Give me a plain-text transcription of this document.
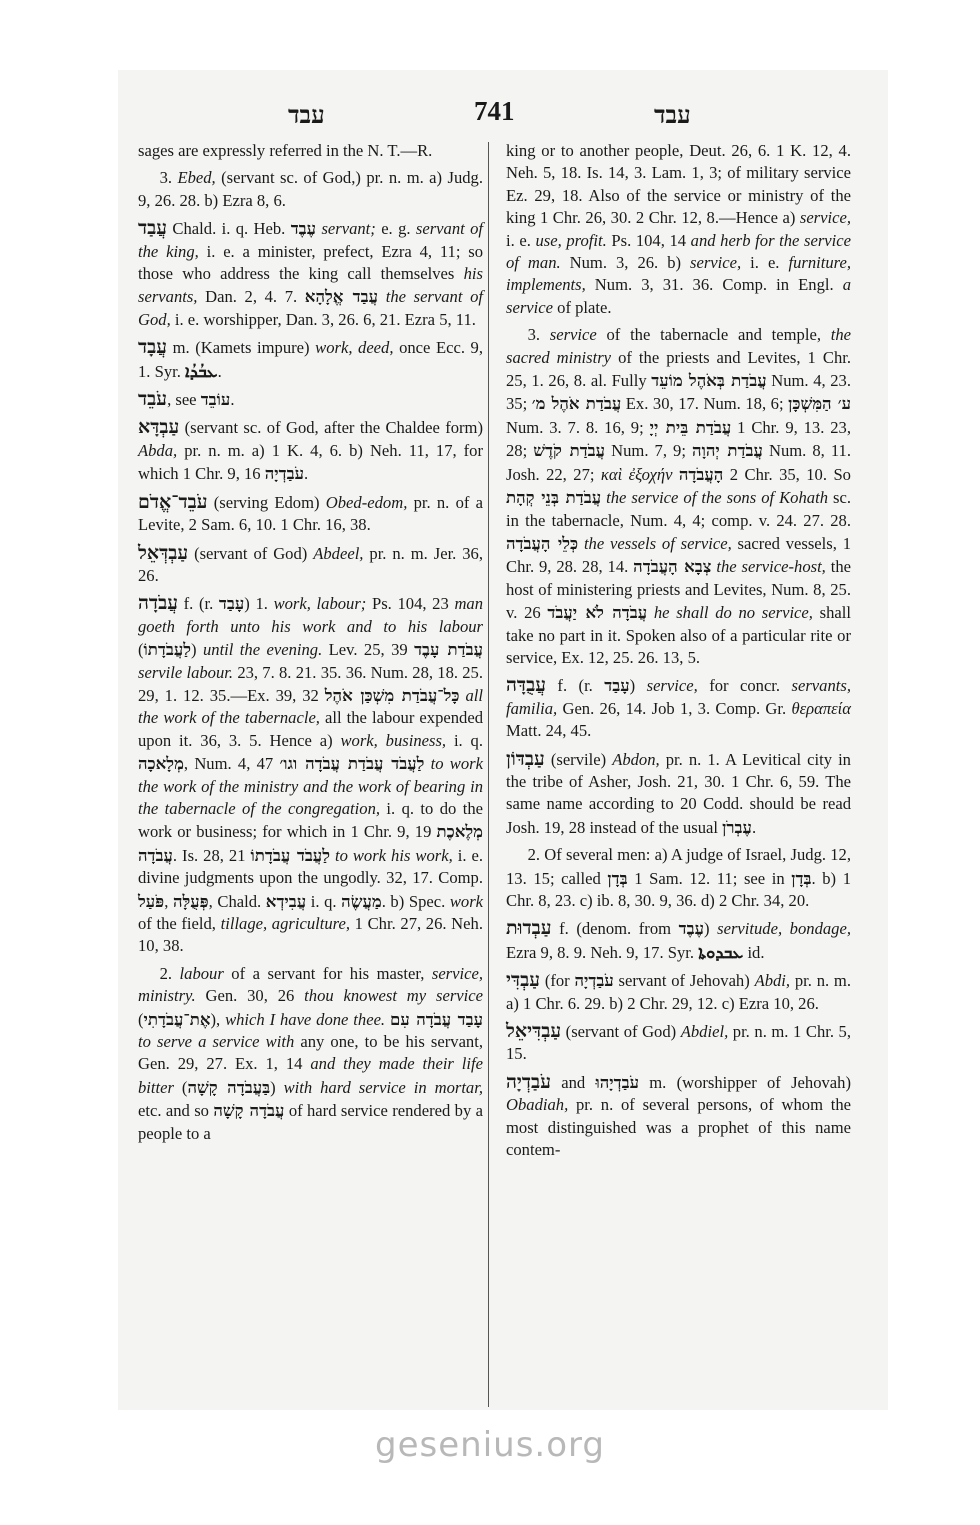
עבד	741	עבד

sages are expressly referred in the N. T.—R.

3. Ebed, (servant sc. of God,) pr. n. m. a) Judg. 9, 26. 28. b) Ezra 8, 6.

עֲבַד Chald. i. q. Heb. עֶבֶד servant; e. g. servant of the king, i. e. a minister, prefect, Ezra 4, 11; so those who address the king call themselves his servants, Dan. 2, 4. 7. עֲבַד אֱלָהָא the servant of God, i. e. worshipper, Dan. 3, 26. 6, 21. Ezra 5, 11.

עֲבָד m. (Kamets impure) work, deed, once Ecc. 9, 1. Syr. ܥܒܳܕܳܐ.

עֹבֵד, see עוֹבֵד.

עַבְדָּא (servant sc. of God, after the Chaldee form) Abda, pr. n. m. a) 1 K. 4, 6. b) Neh. 11, 17, for which 1 Chr. 9, 16 עֹבַדְיָה.

עֹבֵד־אֱדֹם (serving Edom) Obed-edom, pr. n. of a Levite, 2 Sam. 6, 10. 1 Chr. 16, 38.

עַבְדְּאֵל (servant of God) Abdeel, pr. n. m. Jer. 36, 26.

עֲבֹדָה f. (r. עָבַד) 1. work, labour; Ps. 104, 23 man goeth forth unto his work and to his labour (לַעֲבֹדָתוֹ) until the evening. Lev. 25, 39 עֲבֹדַת עָבֶד servile labour. 23, 7. 8. 21. 35. 36. Num. 28, 18. 25. 29, 1. 12. 35.—Ex. 39, 32 כָּל־עֲבֹדַת מִשְׁכַּן אֹהֶל all the work of the tabernacle, all the labour expended upon it. 36, 3. 5. Hence a) work, business, i. q. מְלָאכָה, Num. 4, 47 לַעֲבֹד עֲבֹדַת עֲבֹדָה וגו׳ to work the work of the ministry and the work of bearing in the tabernacle of the congregation, i. q. to do the work or business; for which in 1 Chr. 9, 19 מְלֶאכֶת עֲבֹדָה. Is. 28, 21 לַעֲבֹד עֲבֹדָתוֹ to work his work, i. e. divine judgments upon the ungodly. 32, 17. Comp. פֹּעַל, פְּעֻלָּה, Chald. עֲבִידְא i. q. מַעֲשֶׂה. b) Spec. work of the field, tillage, agriculture, 1 Chr. 27, 26. Neh. 10, 38.

2. labour of a servant for his master, service, ministry. Gen. 30, 26 thou knowest my service (אֶת־עֲבֹדָתִי), which I have done thee. עָבַד עֲבֹדָה עִם to serve a service with any one, to be his servant, Gen. 29, 27. Ex. 1, 14 and they made their life bitter (בַּעֲבֹדָה קָשָׁה) with hard service in mortar, etc. and so עֲבֹדָה קָשָׁה of hard service rendered by a people to a

king or to another people, Deut. 26, 6. 1 K. 12, 4. Neh. 5, 18. Is. 14, 3. Lam. 1, 3; of military service Ez. 29, 18. Also of the service or ministry of the king 1 Chr. 26, 30. 2 Chr. 12, 8.—Hence a) service, i. e. use, profit. Ps. 104, 14 and herb for the service of man. Num. 3, 26. b) service, i. e. furniture, implements, Num. 3, 31. 36. Comp. in Engl. a service of plate.

3. service of the tabernacle and temple, the sacred ministry of the priests and Levites, 1 Chr. 25, 1. 26, 8. al. Fully עֲבֹדַת בְּאֹהֶל מוֹעֵד Num. 4, 23. 35; עֲבֹדַת אֹהֶל מ׳ Ex. 30, 17. Num. 18, 6; ע׳ הַמִּשְׁכָּן Num. 3. 7. 8. 16, 9; עֲבֹדַת בֵּית יְיָ 1 Chr. 9, 13. 23, 28; עֲבֹדַת קֹדֶשׁ Num. 7, 9; עֲבֹדַת יְהוָה Num. 8, 11. Josh. 22, 27; καὶ ἐξοχήν הָעֲבֹדָה 2 Chr. 35, 10. So עֲבֹדַת בְּנֵי קְהָת the service of the sons of Kohath sc. in the tabernacle, Num. 4, 4; comp. v. 24. 27. 28. כְּלֵי הָעֲבֹדָה the vessels of service, sacred vessels, 1 Chr. 9, 28. 28, 14. צְבָא הָעֲבֹדָה the service-host, the host of ministering priests and Levites, Num. 8, 25. v. 26 עֲבֹדָה לֹא יַעֲבֹד he shall do no service, shall take no part in it. Spoken also of a particular rite or service, Ex. 12, 25. 26. 13, 5.

עֲבֻדָּה f. (r. עָבַד) service, for concr. servants, familia, Gen. 26, 14. Job 1, 3. Comp. Gr. θεραπεία Matt. 24, 45.

עַבְדּוֹן (servile) Abdon, pr. n. 1. A Levitical city in the tribe of Asher, Josh. 21, 30. 1 Chr. 6, 59. The same name according to 20 Codd. should be read Josh. 19, 28 instead of the usual עֶבְרֹן.

2. Of several men: a) A judge of Israel, Judg. 12, 13. 15; called בְּדָן 1 Sam. 12. 11; see in בְּדָן. b) 1 Chr. 8, 23. c) ib. 8, 30. 9, 36. d) 2 Chr. 34, 20.

עַבְדוּת f. (denom. from עֶבֶד) servitude, bondage, Ezra 9, 8. 9. Neh. 9, 17. Syr. ܥܒܕܘܬܐ id.

עַבְדִּי (for עֹבַדְיָה servant of Jehovah) Abdi, pr. n. m. a) 1 Chr. 6. 29. b) 2 Chr. 29, 12. c) Ezra 10, 26.

עַבְדִּיאֵל (servant of God) Abdiel, pr. n. m. 1 Chr. 5, 15.

עֹבַדְיָה and עֹבַדְיָהוּ m. (worshipper of Jehovah) Obadiah, pr. n. of several persons, of whom the most distinguished was a prophet of this name contem-

gesenius.org
